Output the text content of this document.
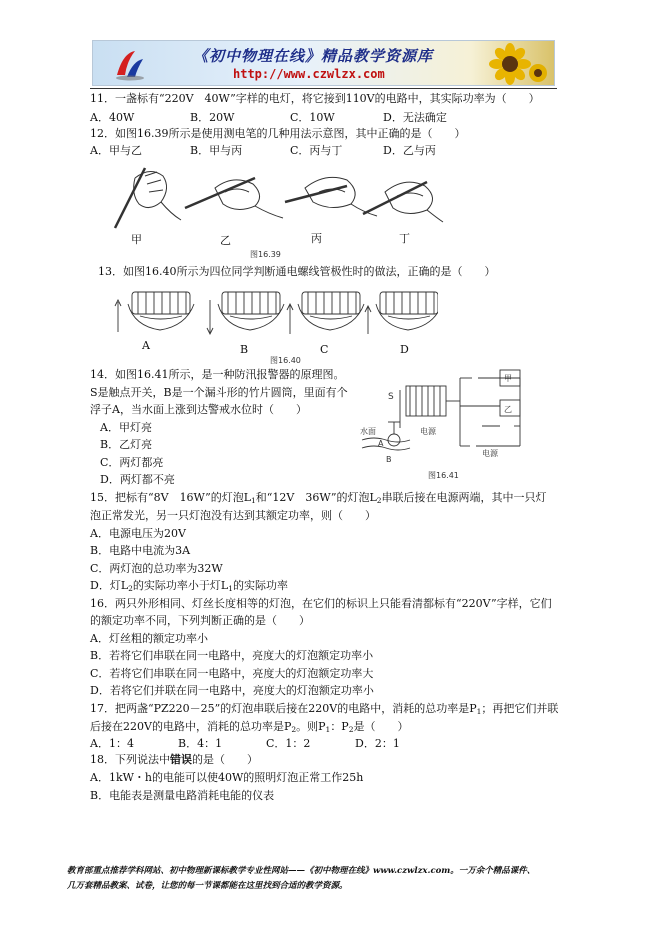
《初中物理在线》精品教学资源库
http://www.czwlzx.com
11．一盏标有“220V　40W”字样的电灯，将它接到110V的电路中，其实际功率为（　　）
A．40W	B．20W	C．10W	D．无法确定
12．如图16.39所示是使用测电笔的几种用法示意图，其中正确的是（　　）
A．甲与乙	B．甲与丙	C．丙与丁	D．乙与丙
甲	乙	丙	丁
图16.39
13．如图16.40所示为四位同学判断通电螺线管极性时的做法，正确的是（　　）
A	B	C	D
图16.40
14．如图16.41所示，是一种防汛报警器的原理图。
S是触点开关，B是一个漏斗形的竹片圆筒，里面有个
浮子A，当水面上涨到达警戒水位时（　　）
A．甲灯亮
B．乙灯亮
C．两灯都亮
D．两灯都不亮
S
水面
A
B
甲
乙
电源
电源
图16.41
15．把标有“8V　16W”的灯泡$L_1$和“12V　36W”的灯泡$L_2$串联后接在电源两端，其中一只灯
泡正常发光，另一只灯泡没有达到其额定功率，则（　　）
A．电源电压为20V
B．电路中电流为3A
C．两灯泡的总功率为32W
D．灯$L_2$的实际功率小于灯$L_1$的实际功率
16．两只外形相同、灯丝长度相等的灯泡，在它们的标识上只能看清都标有“220V”字样，它们
的额定功率不同，下列判断正确的是（　　）
A．灯丝粗的额定功率小
B．若将它们串联在同一电路中，亮度大的灯泡额定功率小
C．若将它们串联在同一电路中，亮度大的灯泡额定功率大
D．若将它们并联在同一电路中，亮度大的灯泡额定功率小
17．把两盏“PZ220－25”的灯泡串联后接在220V的电路中，消耗的总功率是$P_1$；再把它们并联
后接在220V的电路中，消耗的总功率是$P_2$。则$P_1$：$P_2$是（　　）
A．1：4	B．4：1	C．1：2	D．2：1
18．下列说法中错误的是（　　）
A．1kW・h的电能可以使40W的照明灯泡正常工作25h
B．电能表是测量电路消耗电能的仪表
教育部重点推荐学科网站、初中物理新课标教学专业性网站——《初中物理在线》www.czwlzx.com。一万余个精品课件、
几万套精品教案、试卷，让您的每一节课都能在这里找到合适的教学资源。
